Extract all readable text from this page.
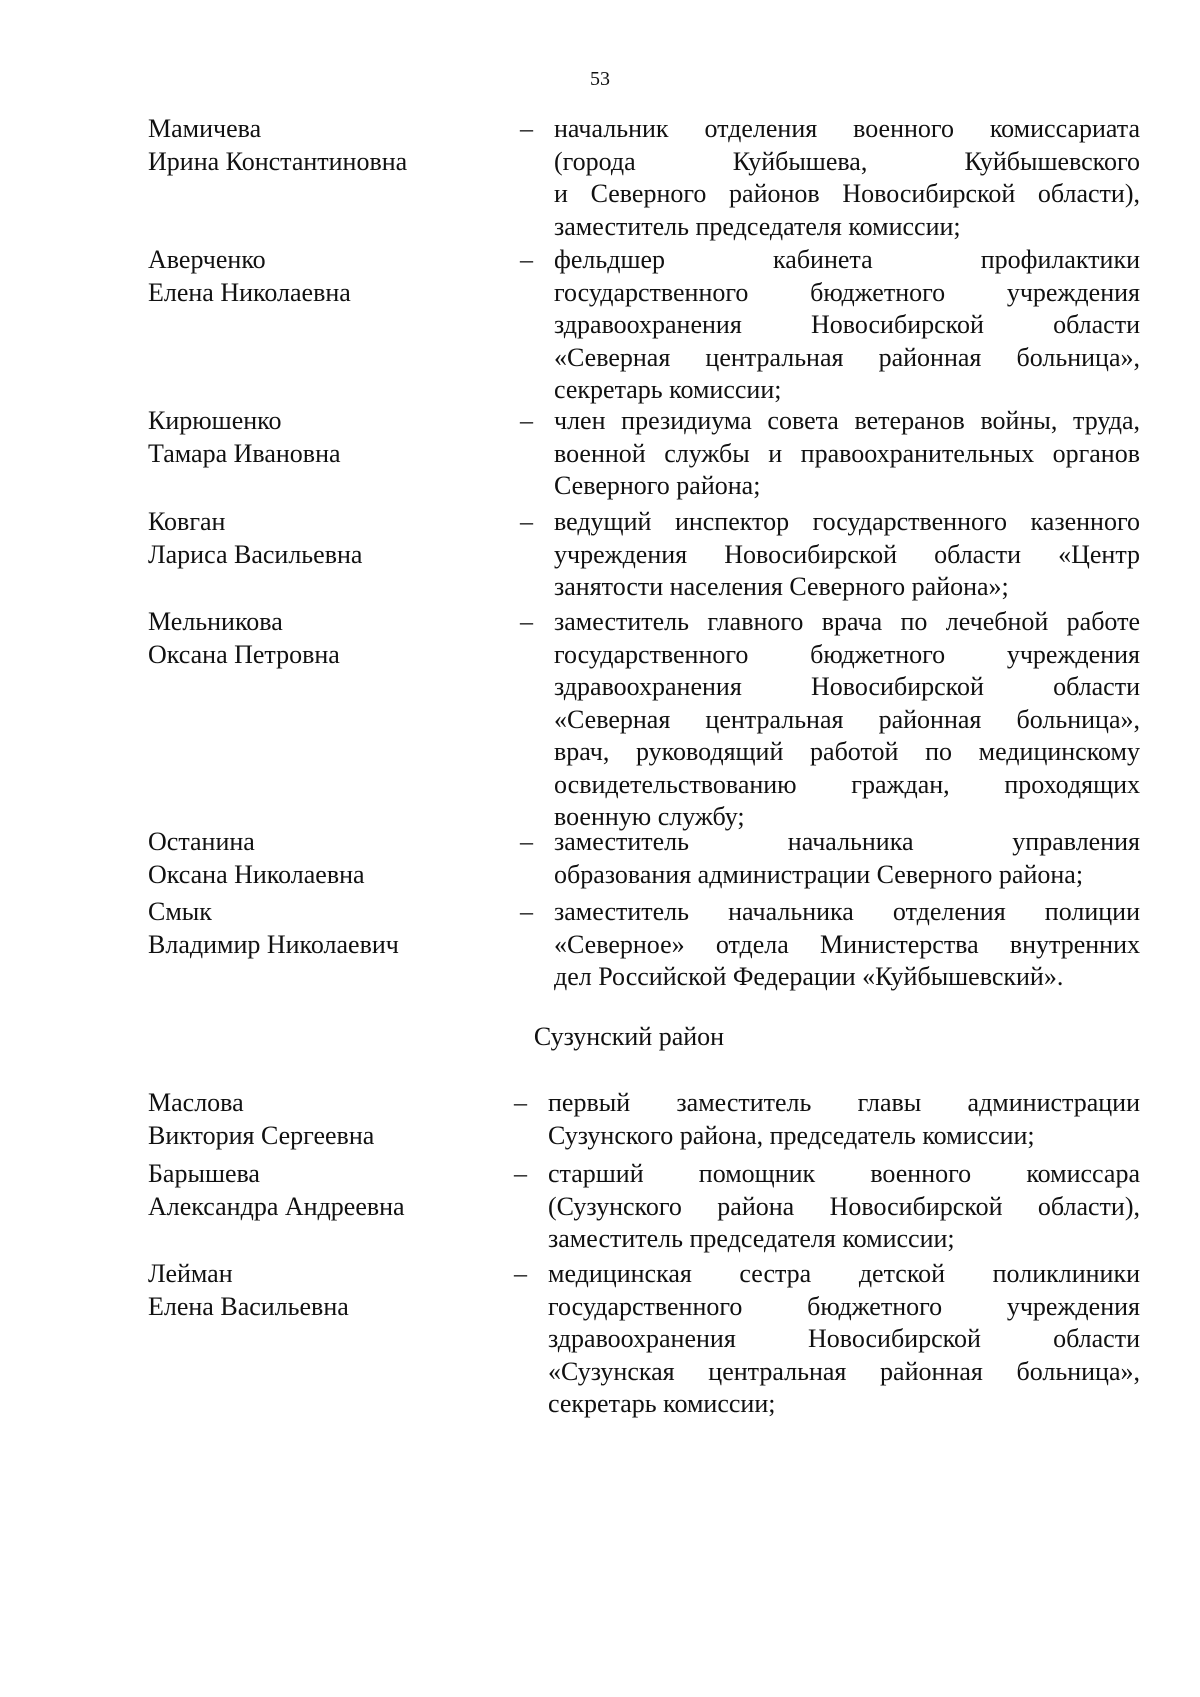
53
Мамичева
Ирина Константиновна
– начальник отделения военного комиссариата
(города Куйбышева, Куйбышевского
и Северного районов Новосибирской области),
заместитель председателя комиссии;
Аверченко
Елена Николаевна
– фельдшер кабинета профилактики
государственного бюджетного учреждения
здравоохранения Новосибирской области
«Северная центральная районная больница»,
секретарь комиссии;
Кирюшенко
Тамара Ивановна
– член президиума совета ветеранов войны, труда,
военной службы и правоохранительных органов
Северного района;
Ковган
Лариса Васильевна
– ведущий инспектор государственного казенного
учреждения Новосибирской области «Центр
занятости населения Северного района»;
Мельникова
Оксана Петровна
– заместитель главного врача по лечебной работе
государственного бюджетного учреждения
здравоохранения Новосибирской области
«Северная центральная районная больница»,
врач, руководящий работой по медицинскому
освидетельствованию граждан, проходящих
военную службу;
Останина
Оксана Николаевна
– заместитель начальника управления
образования администрации Северного района;
Смык
Владимир Николаевич
– заместитель начальника отделения полиции
«Северное» отдела Министерства внутренних
дел Российской Федерации «Куйбышевский».
Сузунский район
Маслова
Виктория Сергеевна
– первый заместитель главы администрации
Сузунского района, председатель комиссии;
Барышева
Александра Андреевна
– старший помощник военного комиссара
(Сузунского района Новосибирской области),
заместитель председателя комиссии;
Лейман
Елена Васильевна
– медицинская сестра детской поликлиники
государственного бюджетного учреждения
здравоохранения Новосибирской области
«Сузунская центральная районная больница»,
секретарь комиссии;
